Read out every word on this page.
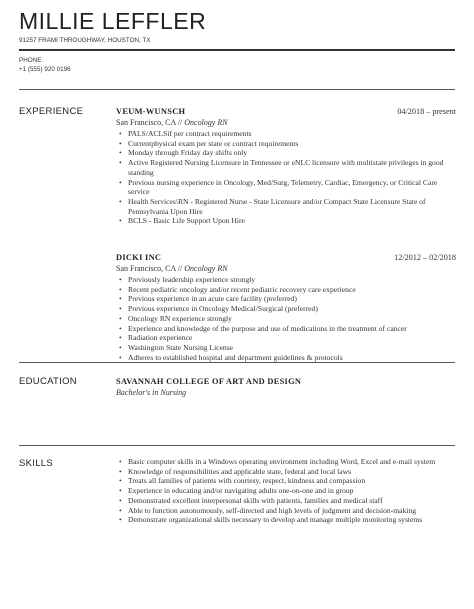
MILLIE LEFFLER
91257 FRAMI THROUGHWAY, HOUSTON, TX
PHONE
+1 (555) 920 0196
EXPERIENCE	VEUM-WUNSCH	04/2018 – present
San Francisco, CA // Oncology RN
• PALS/ACLSif per contract requirements
• Currentphysical exam per state or contract requirements
• Monday through Friday day shifts only
• Active Registered Nursing Licensure in Tennessee or eNLC licensure with multistate privileges in good standing
• Previous nursing experience in Oncology, Med/Surg, Telemetry, Cardiac, Emergency, or Critical Care service
• Health Services\RN - Registered Nurse - State Licensure and/or Compact State Licensure State of Pennsylvania Upon Hire
• BCLS - Basic Life Support Upon Hire
DICKI INC	12/2012 – 02/2018
San Francisco, CA // Oncology RN
• Previously leadership experience strongly
• Recent pediatric oncology and/or recent pediatric recovery care experience
• Previous experience in an acute care facility (preferred)
• Previous experience in Oncology Medical/Surgical (preferred)
• Oncology RN experience strongly
• Experience and knowledge of the purpose and use of medications in the treatment of cancer
• Radiation experience
• Washington State Nursing License
• Adheres to established hospital and department guidelines & protocols
EDUCATION	SAVANNAH COLLEGE OF ART AND DESIGN
Bachelor's in Nursing
SKILLS
•	Basic computer skills in a Windows operating environment including Word, Excel and e-mail system
• Knowledge of responsibilities and applicable state, federal and local laws
• Treats all families of patients with courtesy, respect, kindness and compassion
• Experience in educating and/or navigating adults one-on-one and in group
• Demonstrated excellent interpersonal skills with patients, families and medical staff
• Able to function autonomously, self-directed and high levels of judgment and decision-making
• Demonstrate organizational skills necessary to develop and manage multiple monitoring systems
